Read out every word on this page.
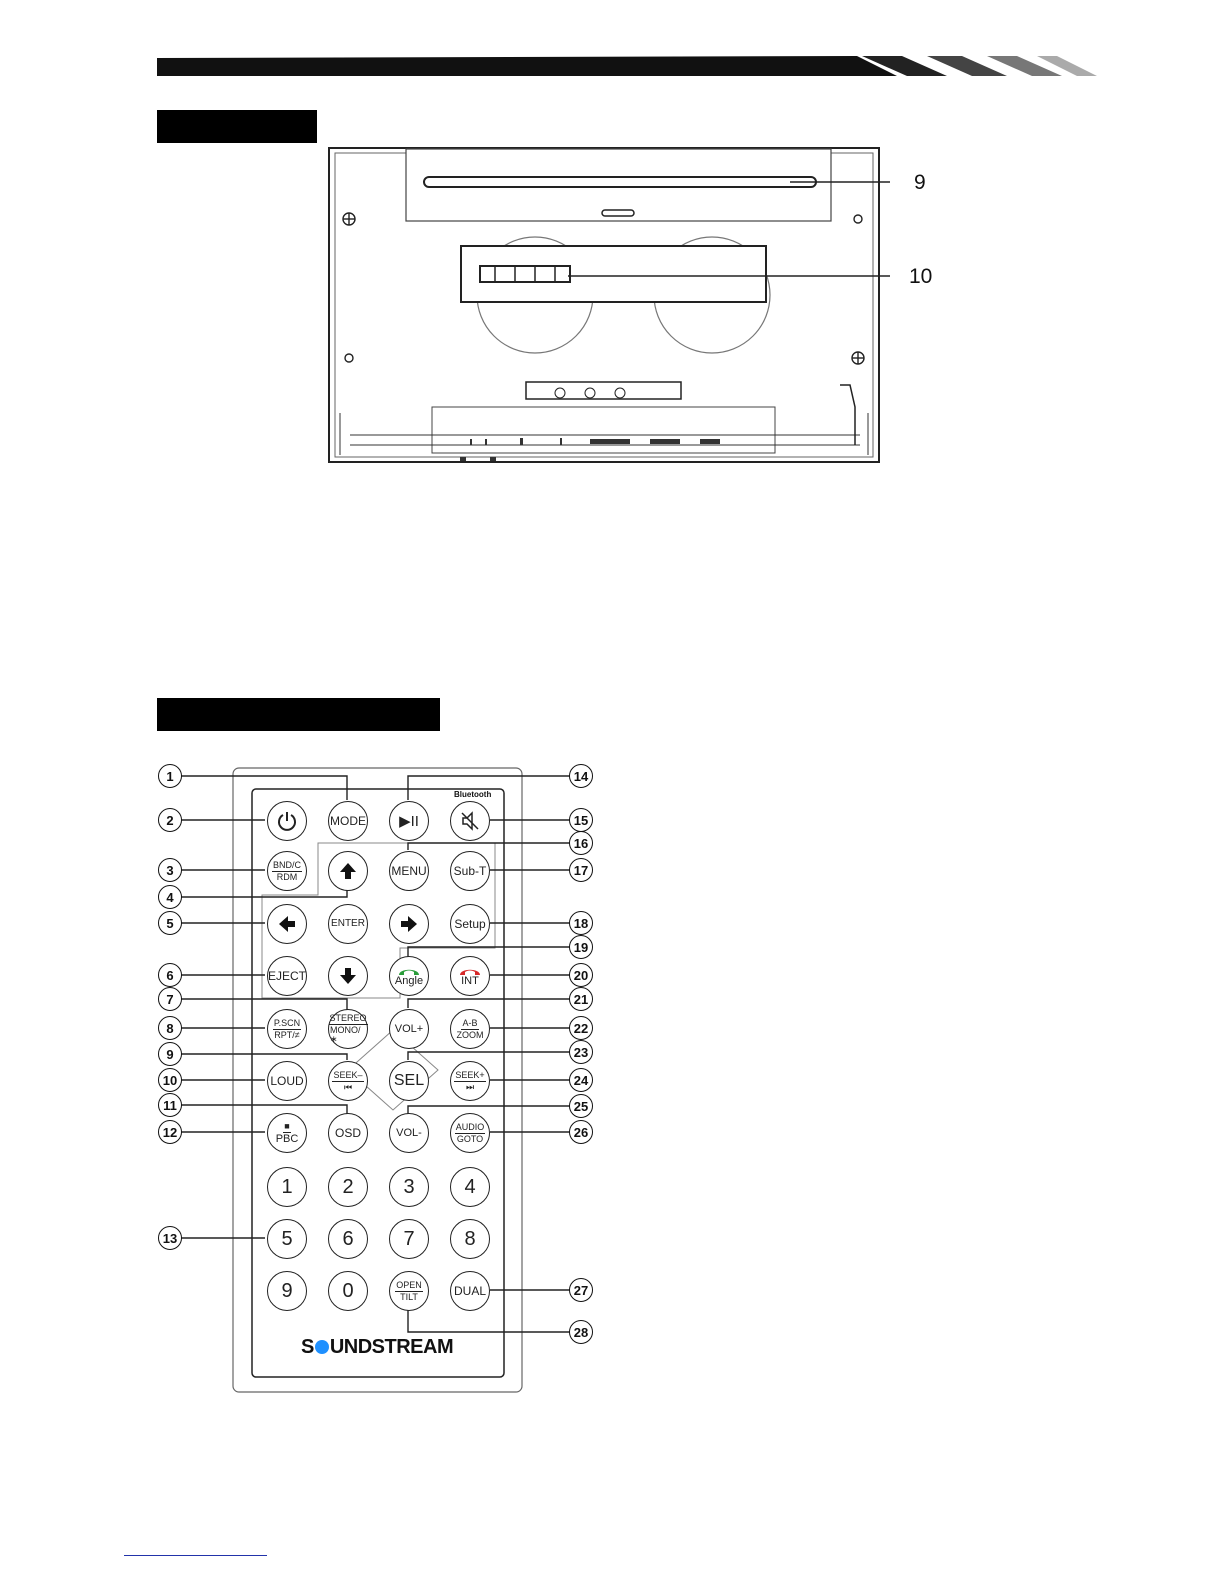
9
10
1
2
3
4
5
6
7
8
9
10
11
12
13
14
15
16
17
18
19
20
21
22
23
24
25
26
27
28
Bluetooth
MODE ▶II
BND/C
RDM	MENU	Sub-T
ENTER	Setup
EJECT	Angle	INT
P.SCN
RPT/≠
STEREO
MONO/∗
VOL+	A-B
ZOOM
LOUD	SEEK–
⏮	SEL	SEEK+
⏭
■
PBC	OSD	VOL-	AUDIO
GOTO
1	2	3	4
5	6	7	8
9	0	OPEN
TILT	DUAL
S UNDSTREAM
